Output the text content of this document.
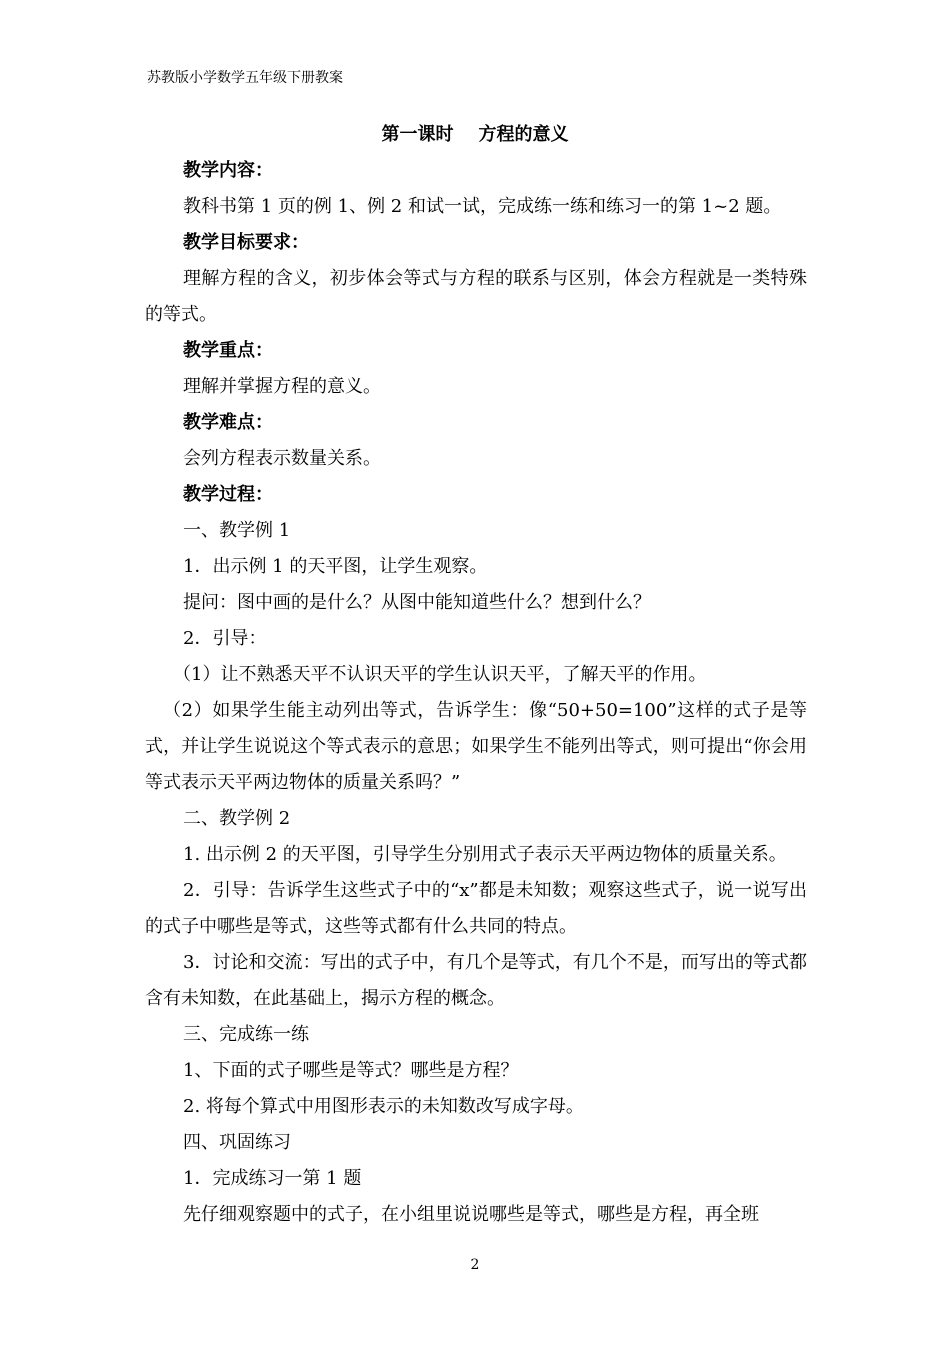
苏教版小学数学五年级下册教案
第一课时    方程的意义

教学内容：

教科书第 1 页的例 1、例 2 和试一试，完成练一练和练习一的第 1~2 题。

教学目标要求：

理解方程的含义，初步体会等式与方程的联系与区别，体会方程就是一类特殊的等式。

教学重点：

理解并掌握方程的意义。

教学难点：

会列方程表示数量关系。

教学过程：

一、教学例 1

1．出示例 1 的天平图，让学生观察。

提问：图中画的是什么？从图中能知道些什么？想到什么？

2．引导：

（1）让不熟悉天平不认识天平的学生认识天平，了解天平的作用。

（2）如果学生能主动列出等式，告诉学生：像“50+50=100”这样的式子是等式，并让学生说说这个等式表示的意思；如果学生不能列出等式，则可提出“你会用等式表示天平两边物体的质量关系吗？”

二、教学例 2

1. 出示例 2 的天平图，引导学生分别用式子表示天平两边物体的质量关系。

2．引导：告诉学生这些式子中的“x”都是未知数；观察这些式子，说一说写出的式子中哪些是等式，这些等式都有什么共同的特点。

3．讨论和交流：写出的式子中，有几个是等式，有几个不是，而写出的等式都含有未知数，在此基础上，揭示方程的概念。

三、完成练一练

1、下面的式子哪些是等式？哪些是方程？

2. 将每个算式中用图形表示的未知数改写成字母。

四、巩固练习

1．完成练习一第 1 题

先仔细观察题中的式子，在小组里说说哪些是等式，哪些是方程，再全班

2
